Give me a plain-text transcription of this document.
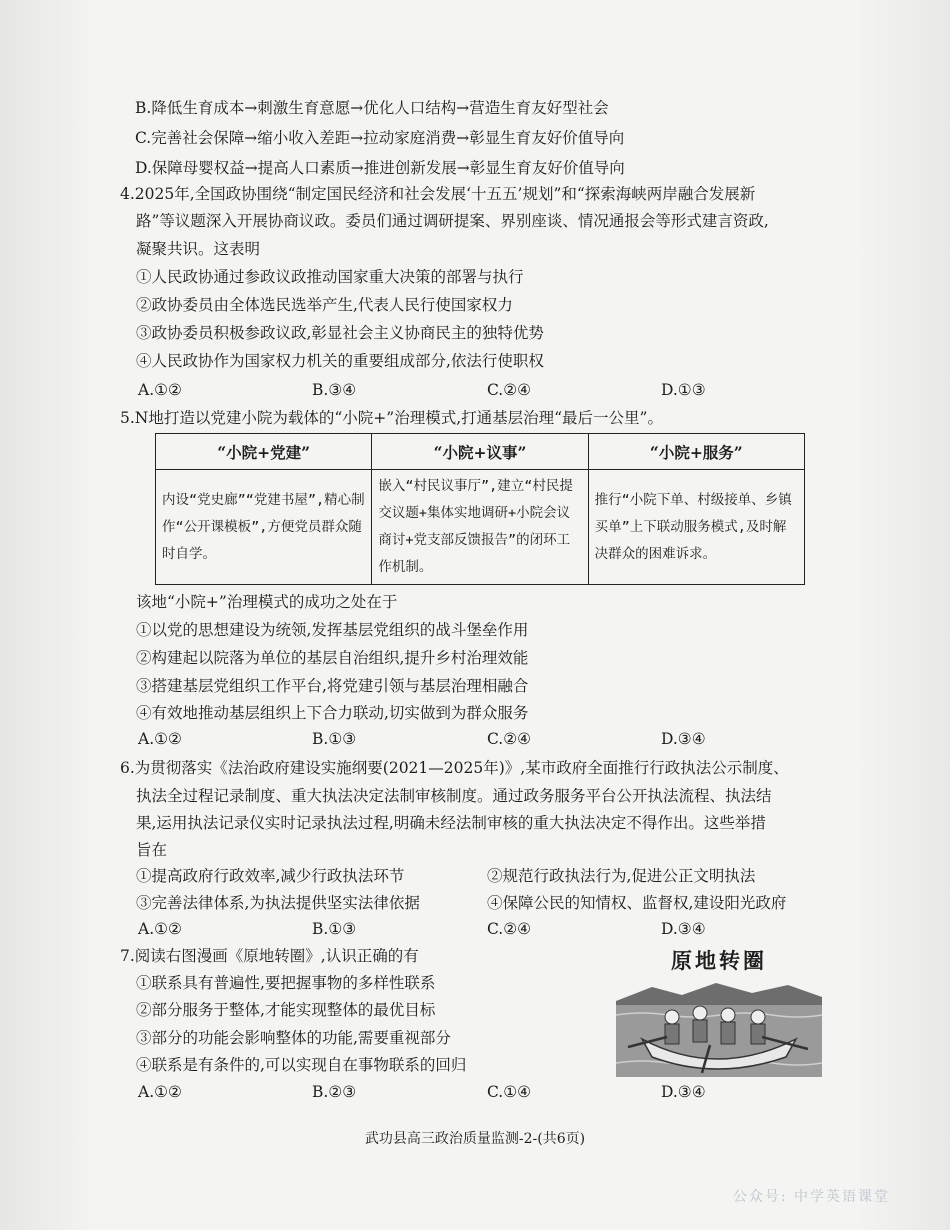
B.降低生育成本→刺激生育意愿→优化人口结构→营造生育友好型社会
C.完善社会保障→缩小收入差距→拉动家庭消费→彰显生育友好价值导向
D.保障母婴权益→提高人口素质→推进创新发展→彰显生育友好价值导向
4.2025年,全国政协围绕“制定国民经济和社会发展‘十五五’规划”和“探索海峡两岸融合发展新
路”等议题深入开展协商议政。委员们通过调研提案、界别座谈、情况通报会等形式建言资政,
凝聚共识。这表明
①人民政协通过参政议政推动国家重大决策的部署与执行
②政协委员由全体选民选举产生,代表人民行使国家权力
③政协委员积极参政议政,彰显社会主义协商民主的独特优势
④人民政协作为国家权力机关的重要组成部分,依法行使职权
A.①②	B.③④	C.②④	D.①③
5.N地打造以党建小院为载体的“小院+”治理模式,打通基层治理“最后一公里”。
“小院+党建”	“小院+议事”	“小院+服务”
内设“党史廊”“党建书屋”,精心制作“公开课模板”,方便党员群众随时自学。	嵌入“村民议事厅”,建立“村民提交议题+集体实地调研+小院会议商讨+党支部反馈报告”的闭环工作机制。	推行“小院下单、村级接单、乡镇买单”上下联动服务模式,及时解决群众的困难诉求。
该地“小院+”治理模式的成功之处在于
①以党的思想建设为统领,发挥基层党组织的战斗堡垒作用
②构建起以院落为单位的基层自治组织,提升乡村治理效能
③搭建基层党组织工作平台,将党建引领与基层治理相融合
④有效地推动基层组织上下合力联动,切实做到为群众服务
A.①②	B.①③	C.②④	D.③④
6.为贯彻落实《法治政府建设实施纲要(2021—2025年)》,某市政府全面推行行政执法公示制度、
执法全过程记录制度、重大执法决定法制审核制度。通过政务服务平台公开执法流程、执法结
果,运用执法记录仪实时记录执法过程,明确未经法制审核的重大执法决定不得作出。这些举措
旨在
①提高政府行政效率,减少行政执法环节	②规范行政执法行为,促进公正文明执法
③完善法律体系,为执法提供坚实法律依据	④保障公民的知情权、监督权,建设阳光政府
A.①②	B.①③	C.②④	D.③④
7.阅读右图漫画《原地转圈》,认识正确的有
①联系具有普遍性,要把握事物的多样性联系
②部分服务于整体,才能实现整体的最优目标
③部分的功能会影响整体的功能,需要重视部分
④联系是有条件的,可以实现自在事物联系的回归
A.①②	B.②③	C.①④	D.③④
原地转圈
武功县高三政治质量监测-2-(共6页)
公众号: 中学英语课堂
